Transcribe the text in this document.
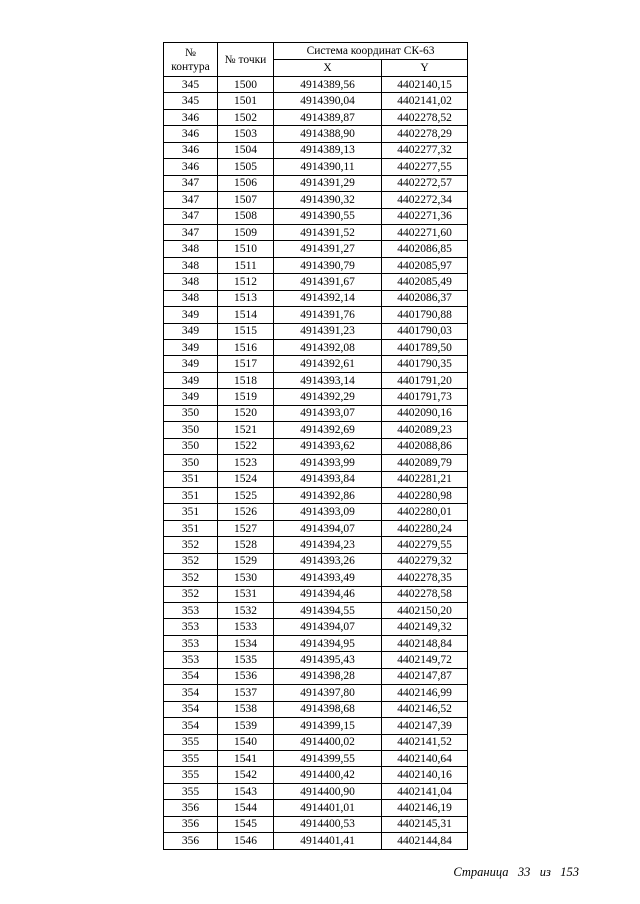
№
контура	№ точки	Система координат СК-63	
		X	Y
345	1500	4914389,56	4402140,15
345	1501	4914390,04	4402141,02
346	1502	4914389,87	4402278,52
346	1503	4914388,90	4402278,29
346	1504	4914389,13	4402277,32
346	1505	4914390,11	4402277,55
347	1506	4914391,29	4402272,57
347	1507	4914390,32	4402272,34
347	1508	4914390,55	4402271,36
347	1509	4914391,52	4402271,60
348	1510	4914391,27	4402086,85
348	1511	4914390,79	4402085,97
348	1512	4914391,67	4402085,49
348	1513	4914392,14	4402086,37
349	1514	4914391,76	4401790,88
349	1515	4914391,23	4401790,03
349	1516	4914392,08	4401789,50
349	1517	4914392,61	4401790,35
349	1518	4914393,14	4401791,20
349	1519	4914392,29	4401791,73
350	1520	4914393,07	4402090,16
350	1521	4914392,69	4402089,23
350	1522	4914393,62	4402088,86
350	1523	4914393,99	4402089,79
351	1524	4914393,84	4402281,21
351	1525	4914392,86	4402280,98
351	1526	4914393,09	4402280,01
351	1527	4914394,07	4402280,24
352	1528	4914394,23	4402279,55
352	1529	4914393,26	4402279,32
352	1530	4914393,49	4402278,35
352	1531	4914394,46	4402278,58
353	1532	4914394,55	4402150,20
353	1533	4914394,07	4402149,32
353	1534	4914394,95	4402148,84
353	1535	4914395,43	4402149,72
354	1536	4914398,28	4402147,87
354	1537	4914397,80	4402146,99
354	1538	4914398,68	4402146,52
354	1539	4914399,15	4402147,39
355	1540	4914400,02	4402141,52
355	1541	4914399,55	4402140,64
355	1542	4914400,42	4402140,16
355	1543	4914400,90	4402141,04
356	1544	4914401,01	4402146,19
356	1545	4914400,53	4402145,31
356	1546	4914401,41	4402144,84
Страница 33 из 153
